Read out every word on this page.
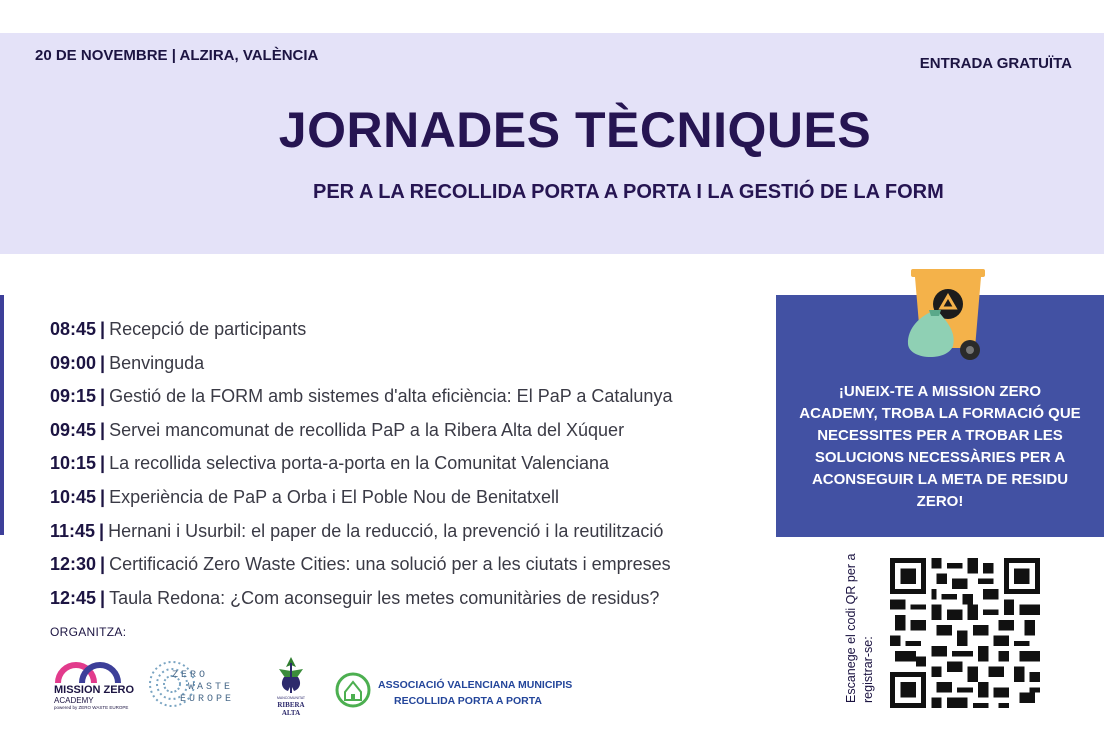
20 DE NOVEMBRE | ALZIRA, VALÈNCIA	ENTRADA GRATUÏTA
JORNADES TÈCNIQUES
PER A LA RECOLLIDA PORTA A PORTA I LA GESTIÓ DE LA FORM
08:45 | Recepció de participants
09:00 | Benvinguda
09:15 | Gestió de la FORM amb sistemes d'alta eficiència: El PaP a Catalunya
09:45 | Servei mancomunat de recollida PaP a la Ribera Alta del Xúquer
10:15 | La recollida selectiva porta-a-porta en la Comunitat Valenciana
10:45 | Experiència de PaP a Orba i El Poble Nou de Benitatxell
11:45 | Hernani i Usurbil: el paper de la reducció, la prevenció i la reutilització
12:30 | Certificació Zero Waste Cities: una solució per a les ciutats i empreses
12:45 | Taula Redona: ¿Com aconseguir les metes comunitàries de residus?
ORGANITZA:
¡UNEIX-TE A MISSION ZERO ACADEMY, TROBA LA FORMACIÓ QUE NECESSITES PER A TROBAR LES SOLUCIONS NECESSÀRIES PER A ACONSEGUIR LA META DE RESIDU ZERO!
Escanege el codi QR per a registrar-se:
MISSION ZERO
ACADEMY
powered by ZERO WASTE EUROPE
ZERO
WASTE
EUROPE	MANCOMUNITAT
RIBERA
ALTA
ASSOCIACIÓ VALENCIANA MUNICIPIS
RECOLLIDA PORTA A PORTA
